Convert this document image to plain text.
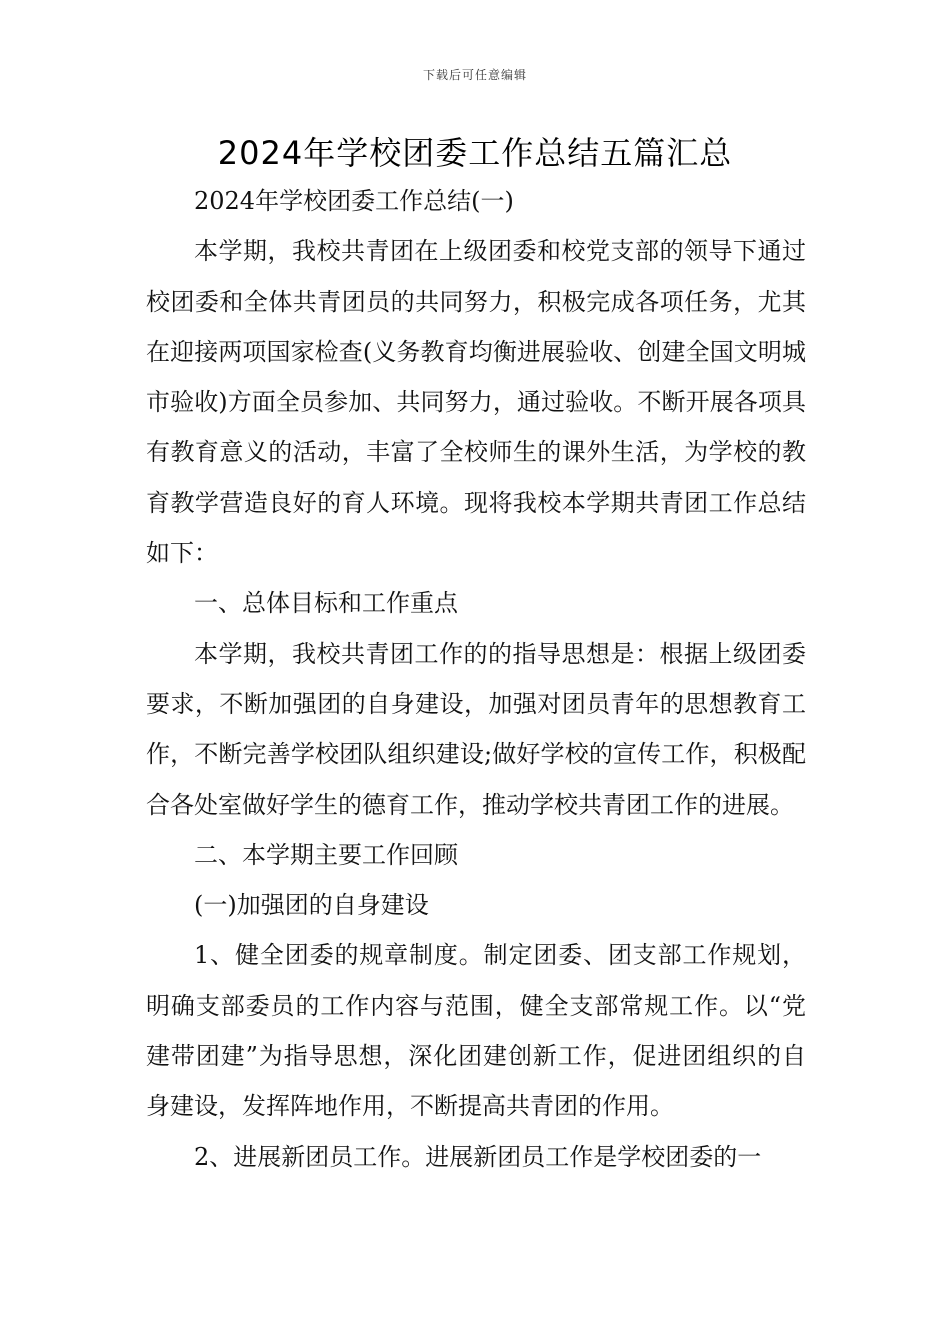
下载后可任意编辑
2024年学校团委工作总结五篇汇总

2024年学校团委工作总结(一)

本学期，我校共青团在上级团委和校党支部的领导下通过校团委和全体共青团员的共同努力，积极完成各项任务，尤其在迎接两项国家检查(义务教育均衡进展验收、创建全国文明城市验收)方面全员参加、共同努力，通过验收。不断开展各项具有教育意义的活动，丰富了全校师生的课外生活，为学校的教育教学营造良好的育人环境。现将我校本学期共青团工作总结如下：

一、总体目标和工作重点

本学期，我校共青团工作的的指导思想是：根据上级团委要求，不断加强团的自身建设，加强对团员青年的思想教育工作，不断完善学校团队组织建设;做好学校的宣传工作，积极配合各处室做好学生的德育工作，推动学校共青团工作的进展。

二、本学期主要工作回顾

(一)加强团的自身建设

1、健全团委的规章制度。制定团委、团支部工作规划，明确支部委员的工作内容与范围，健全支部常规工作。以“党建带团建”为指导思想，深化团建创新工作，促进团组织的自身建设，发挥阵地作用，不断提高共青团的作用。

2、进展新团员工作。进展新团员工作是学校团委的一
